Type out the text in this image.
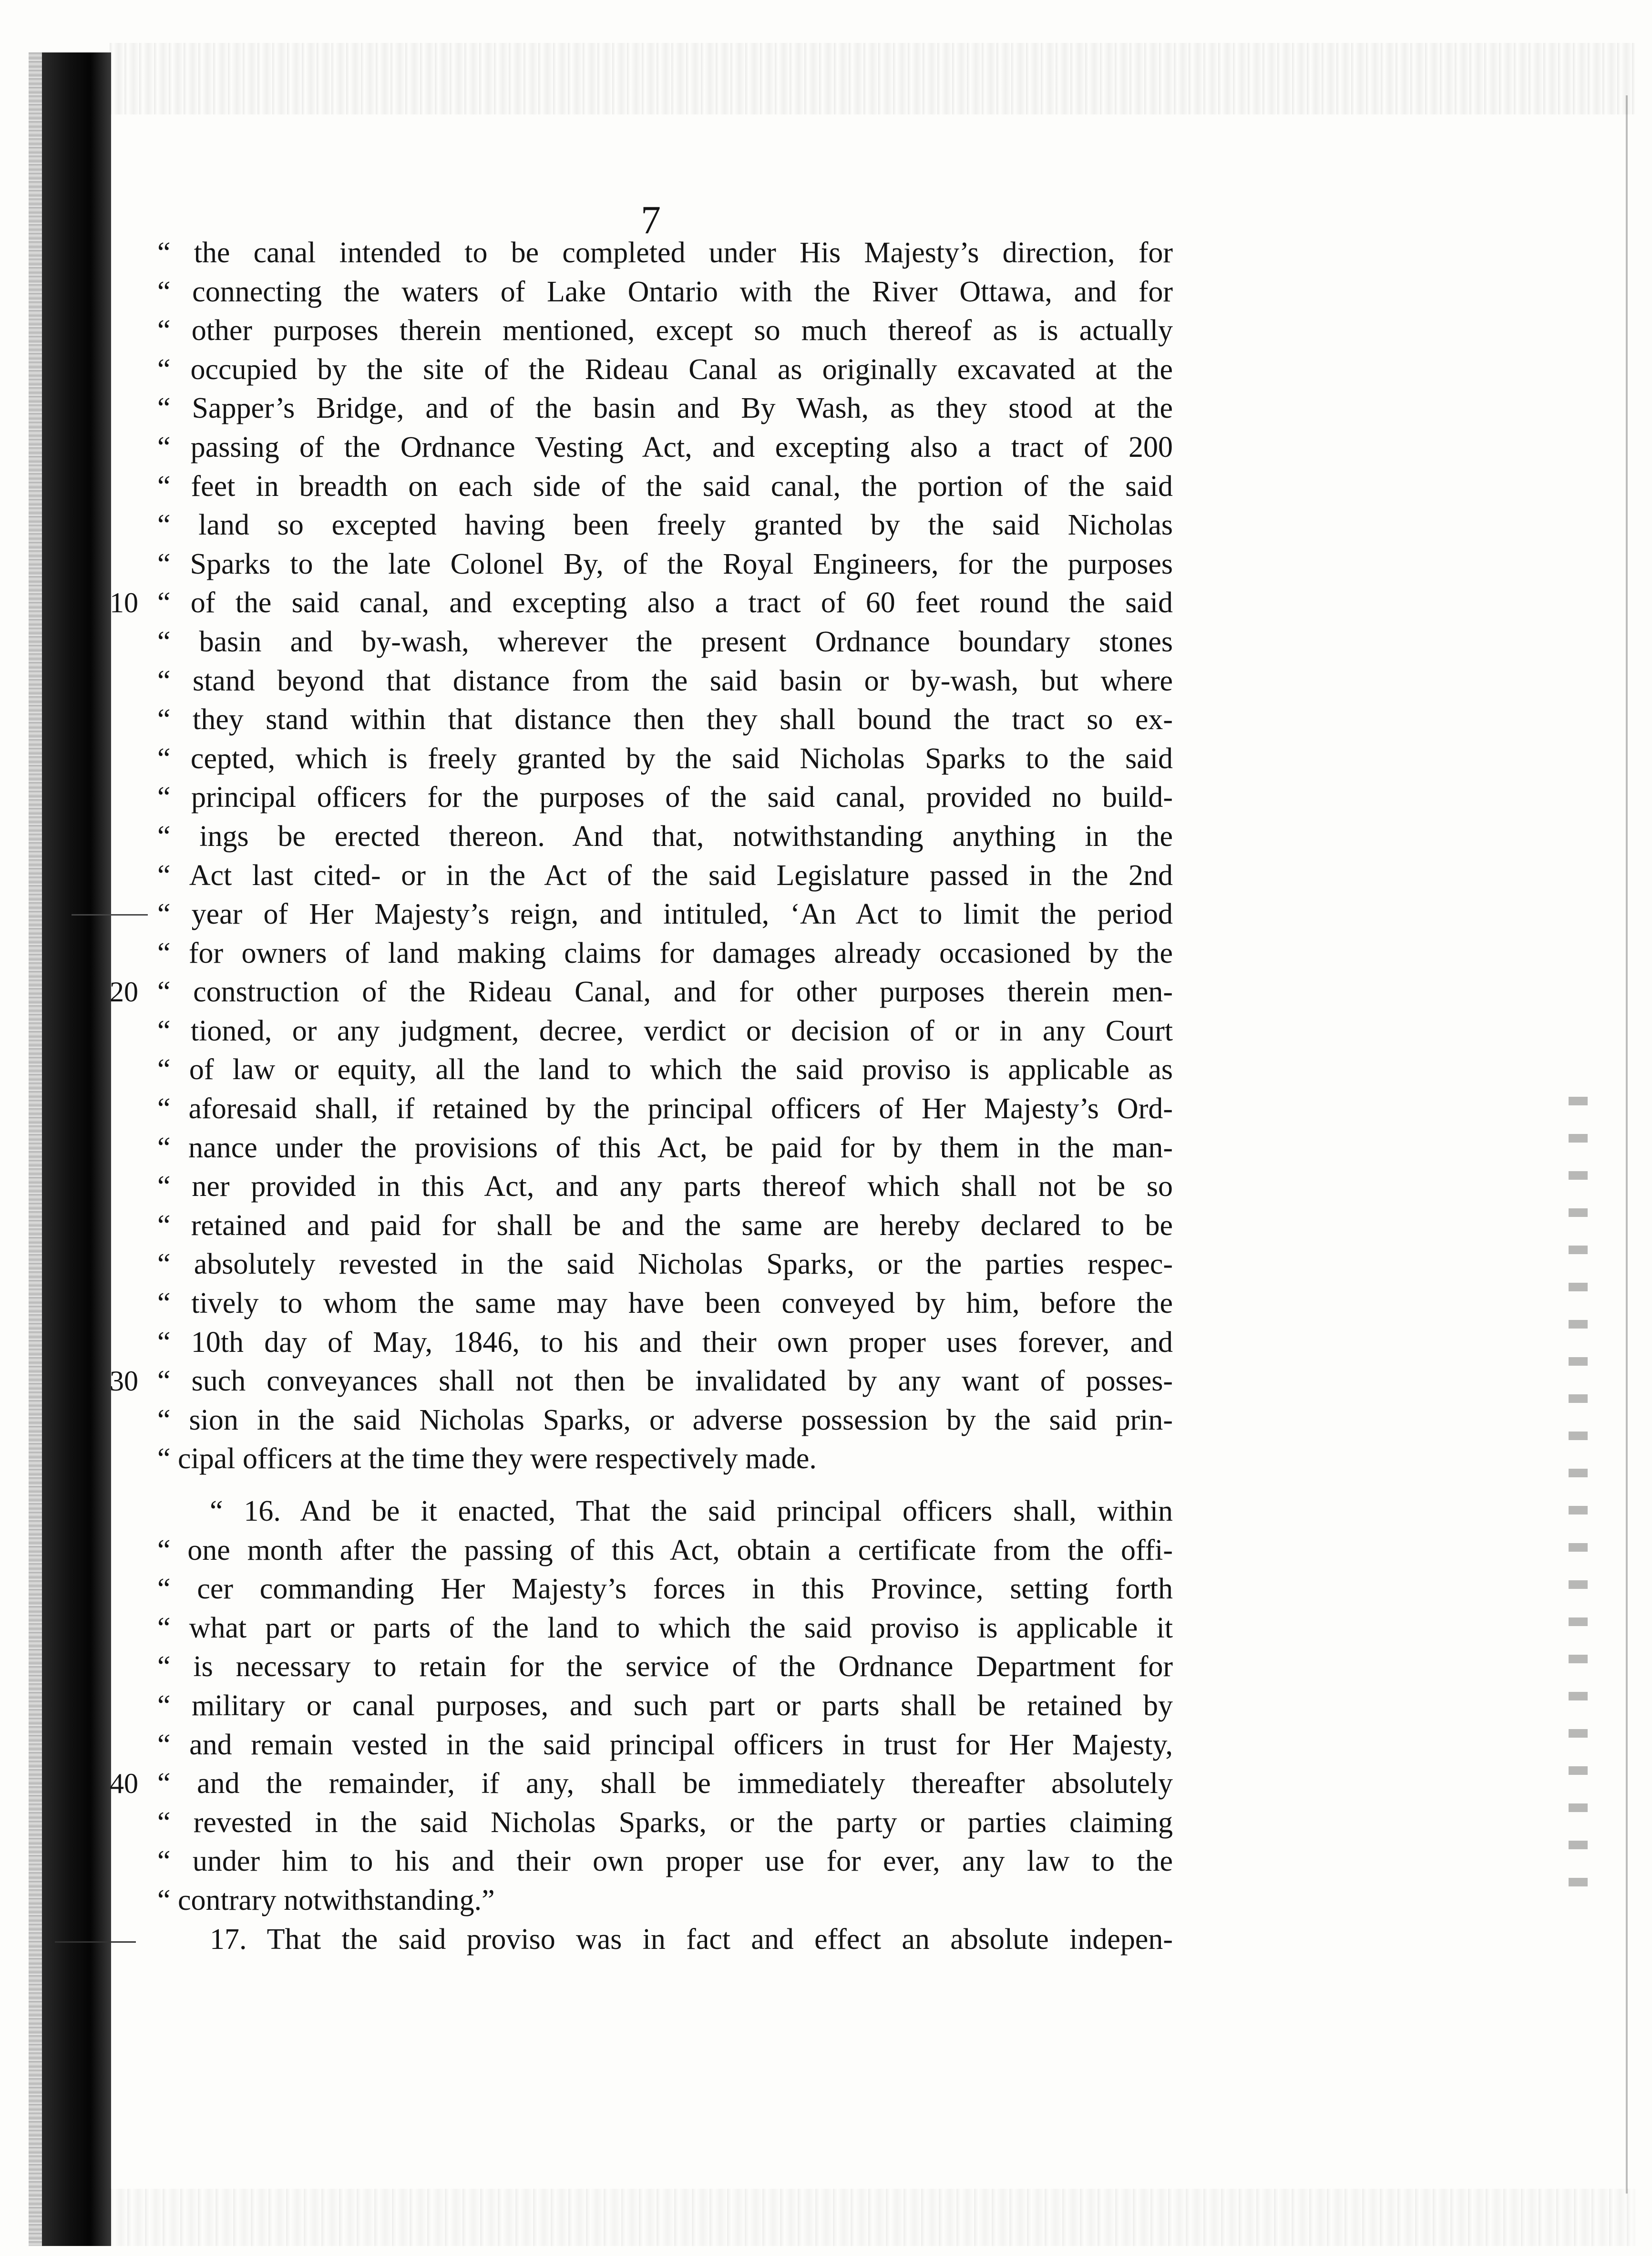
7
“ the canal intended to be completed under His Majesty’s direction, for
“ connecting the waters of Lake Ontario with the River Ottawa, and for
“ other purposes therein mentioned, except so much thereof as is actually
“ occupied by the site of the Rideau Canal as originally excavated at the
“ Sapper’s Bridge, and of the basin and By Wash, as they stood at the
“ passing of the Ordnance Vesting Act, and excepting also a tract of 200
“ feet in breadth on each side of the said canal, the portion of the said
“ land so excepted having been freely granted by the said Nicholas
“ Sparks to the late Colonel By, of the Royal Engineers, for the purposes
“ of the said canal, and excepting also a tract of 60 feet round the said
10
“ basin and by-wash, wherever the present Ordnance boundary stones
“ stand beyond that distance from the said basin or by-wash, but where
“ they stand within that distance then they shall bound the tract so ex-
“ cepted, which is freely granted by the said Nicholas Sparks to the said
“ principal officers for the purposes of the said canal, provided no build-
“ ings be erected thereon. And that, notwithstanding anything in the
“ Act last cited- or in the Act of the said Legislature passed in the 2nd
“ year of Her Majesty’s reign, and intituled, ‘An Act to limit the period
“ for owners of land making claims for damages already occasioned by the
“ construction of the Rideau Canal, and for other purposes therein men-
20
“ tioned, or any judgment, decree, verdict or decision of or in any Court
“ of law or equity, all the land to which the said proviso is applicable as
“ aforesaid shall, if retained by the principal officers of Her Majesty’s Ord-
“ nance under the provisions of this Act, be paid for by them in the man-
“ ner provided in this Act, and any parts thereof which shall not be so
“ retained and paid for shall be and the same are hereby declared to be
“ absolutely revested in the said Nicholas Sparks, or the parties respec-
“ tively to whom the same may have been conveyed by him, before the
“ 10th day of May, 1846, to his and their own proper uses forever, and
“ such conveyances shall not then be invalidated by any want of posses-
30
“ sion in the said Nicholas Sparks, or adverse possession by the said prin-
“ cipal officers at the time they were respectively made.
“ 16. And be it enacted, That the said principal officers shall, within
“ one month after the passing of this Act, obtain a certificate from the offi-
“ cer commanding Her Majesty’s forces in this Province, setting forth
“ what part or parts of the land to which the said proviso is applicable it
“ is necessary to retain for the service of the Ordnance Department for
“ military or canal purposes, and such part or parts shall be retained by
“ and remain vested in the said principal officers in trust for Her Majesty,
“ and the remainder, if any, shall be immediately thereafter absolutely
40
“ revested in the said Nicholas Sparks, or the party or parties claiming
“ under him to his and their own proper use for ever, any law to the
“ contrary notwithstanding.”
17. That the said proviso was in fact and effect an absolute indepen-
